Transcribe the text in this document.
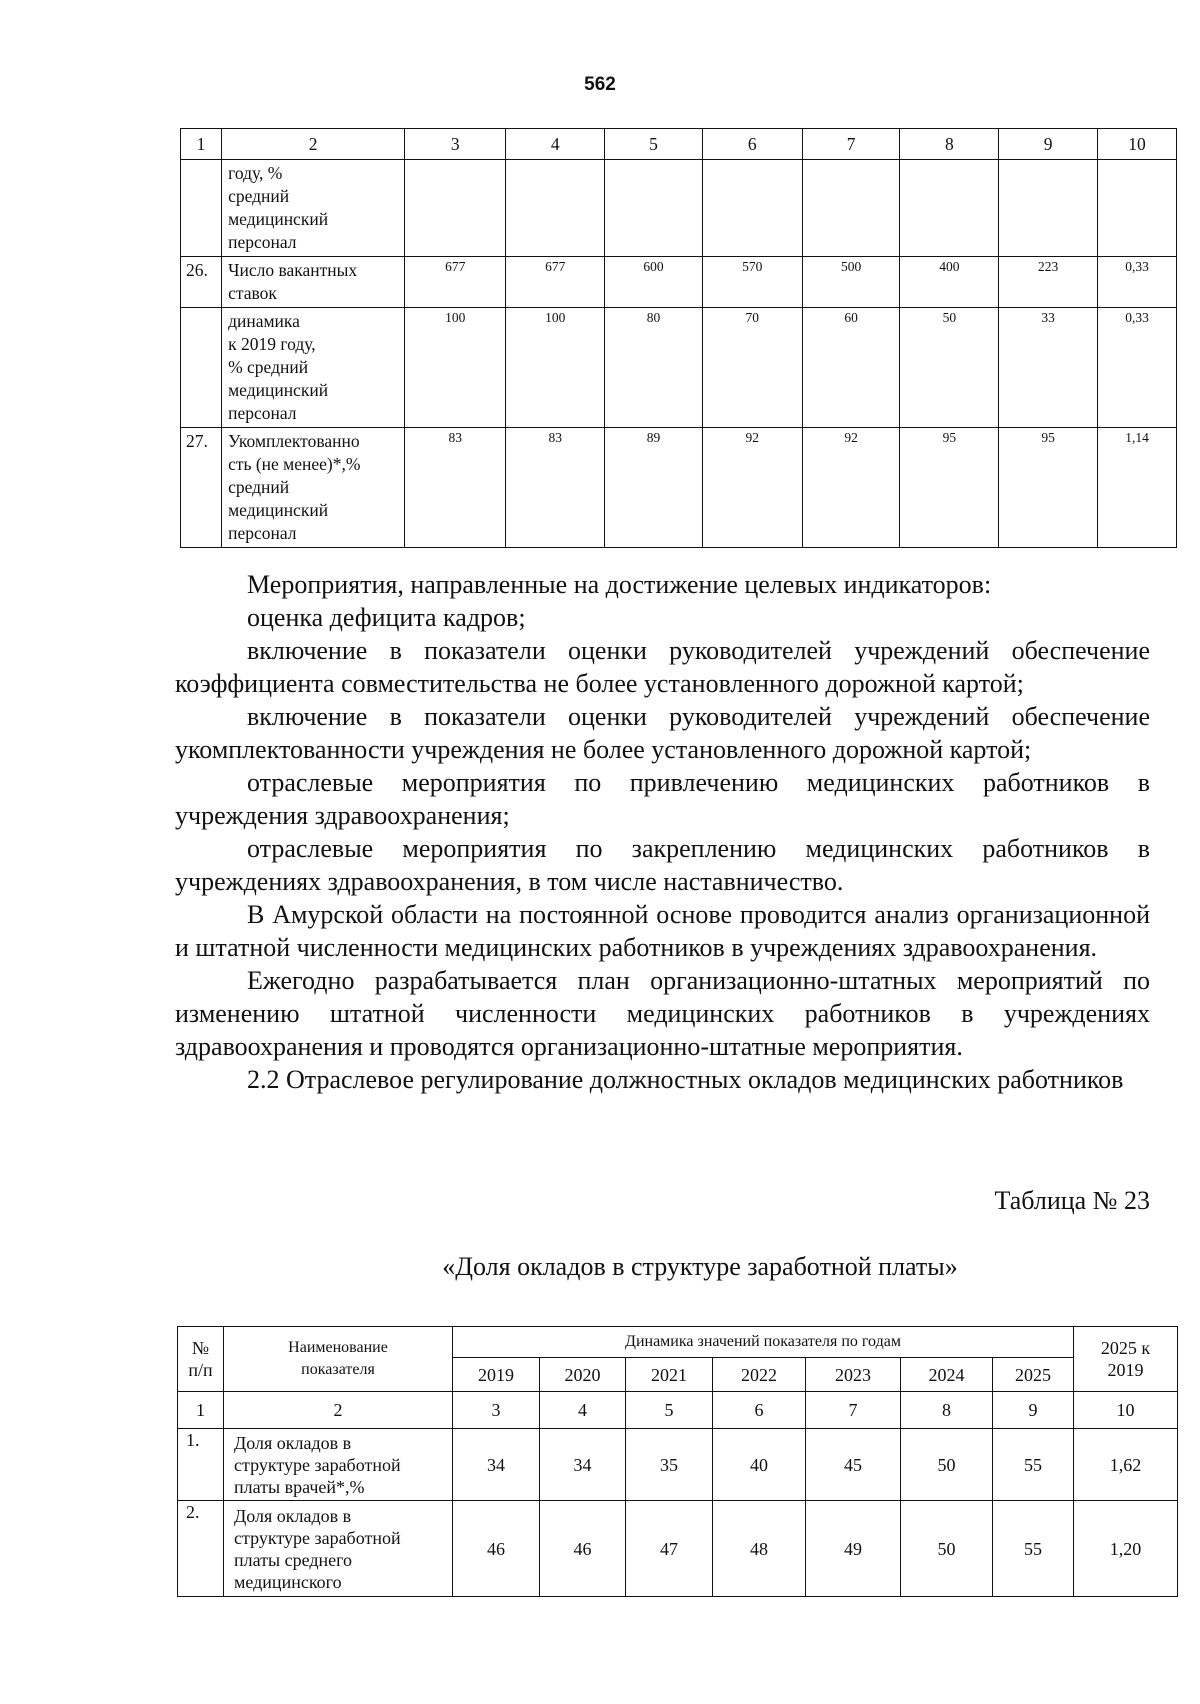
562
1	2	3	4	5	6	7	8	9	10
	году, %
средний
медицинский
персонал								
26.	Число вакантных
ставок	677	677	600	570	500	400	223	0,33
	динамика
к 2019 году,
% средний
медицинский
персонал	100	100	80	70	60	50	33	0,33
27.	Укомплектованно
сть (не менее)*,%
средний
медицинский
персонал	83	83	89	92	92	95	95	1,14

Мероприятия, направленные на достижение целевых индикаторов:

оценка дефицита кадров;

включение в показатели оценки руководителей учреждений обеспечение коэффициента совместительства не более установленного дорожной картой;

включение в показатели оценки руководителей учреждений обеспечение укомплектованности учреждения не более установленного дорожной картой;

отраслевые мероприятия по привлечению медицинских работников в учреждения здравоохранения;

отраслевые мероприятия по закреплению медицинских работников в учреждениях здравоохранения, в том числе наставничество.

В Амурской области на постоянной основе проводится анализ организационной и штатной численности медицинских работников в учреждениях здравоохранения.

Ежегодно разрабатывается план организационно-штатных мероприятий по изменению штатной численности медицинских работников в учреждениях здравоохранения и проводятся организационно-штатные мероприятия.

2.2 Отраслевое регулирование должностных окладов медицинских работников

Таблица № 23
«Доля окладов в структуре заработной платы»
№
п/п	Наименование
показателя	Динамика значений показателя по годам							2025 к
2019
		2019	2020	2021	2022	2023	2024	2025	
1	2	3	4	5	6	7	8	9	10
1.	Доля окладов в
структуре заработной
платы врачей*,%	34	34	35	40	45	50	55	1,62
2.	Доля окладов в
структуре заработной
платы среднего
медицинского	46	46	47	48	49	50	55	1,20
